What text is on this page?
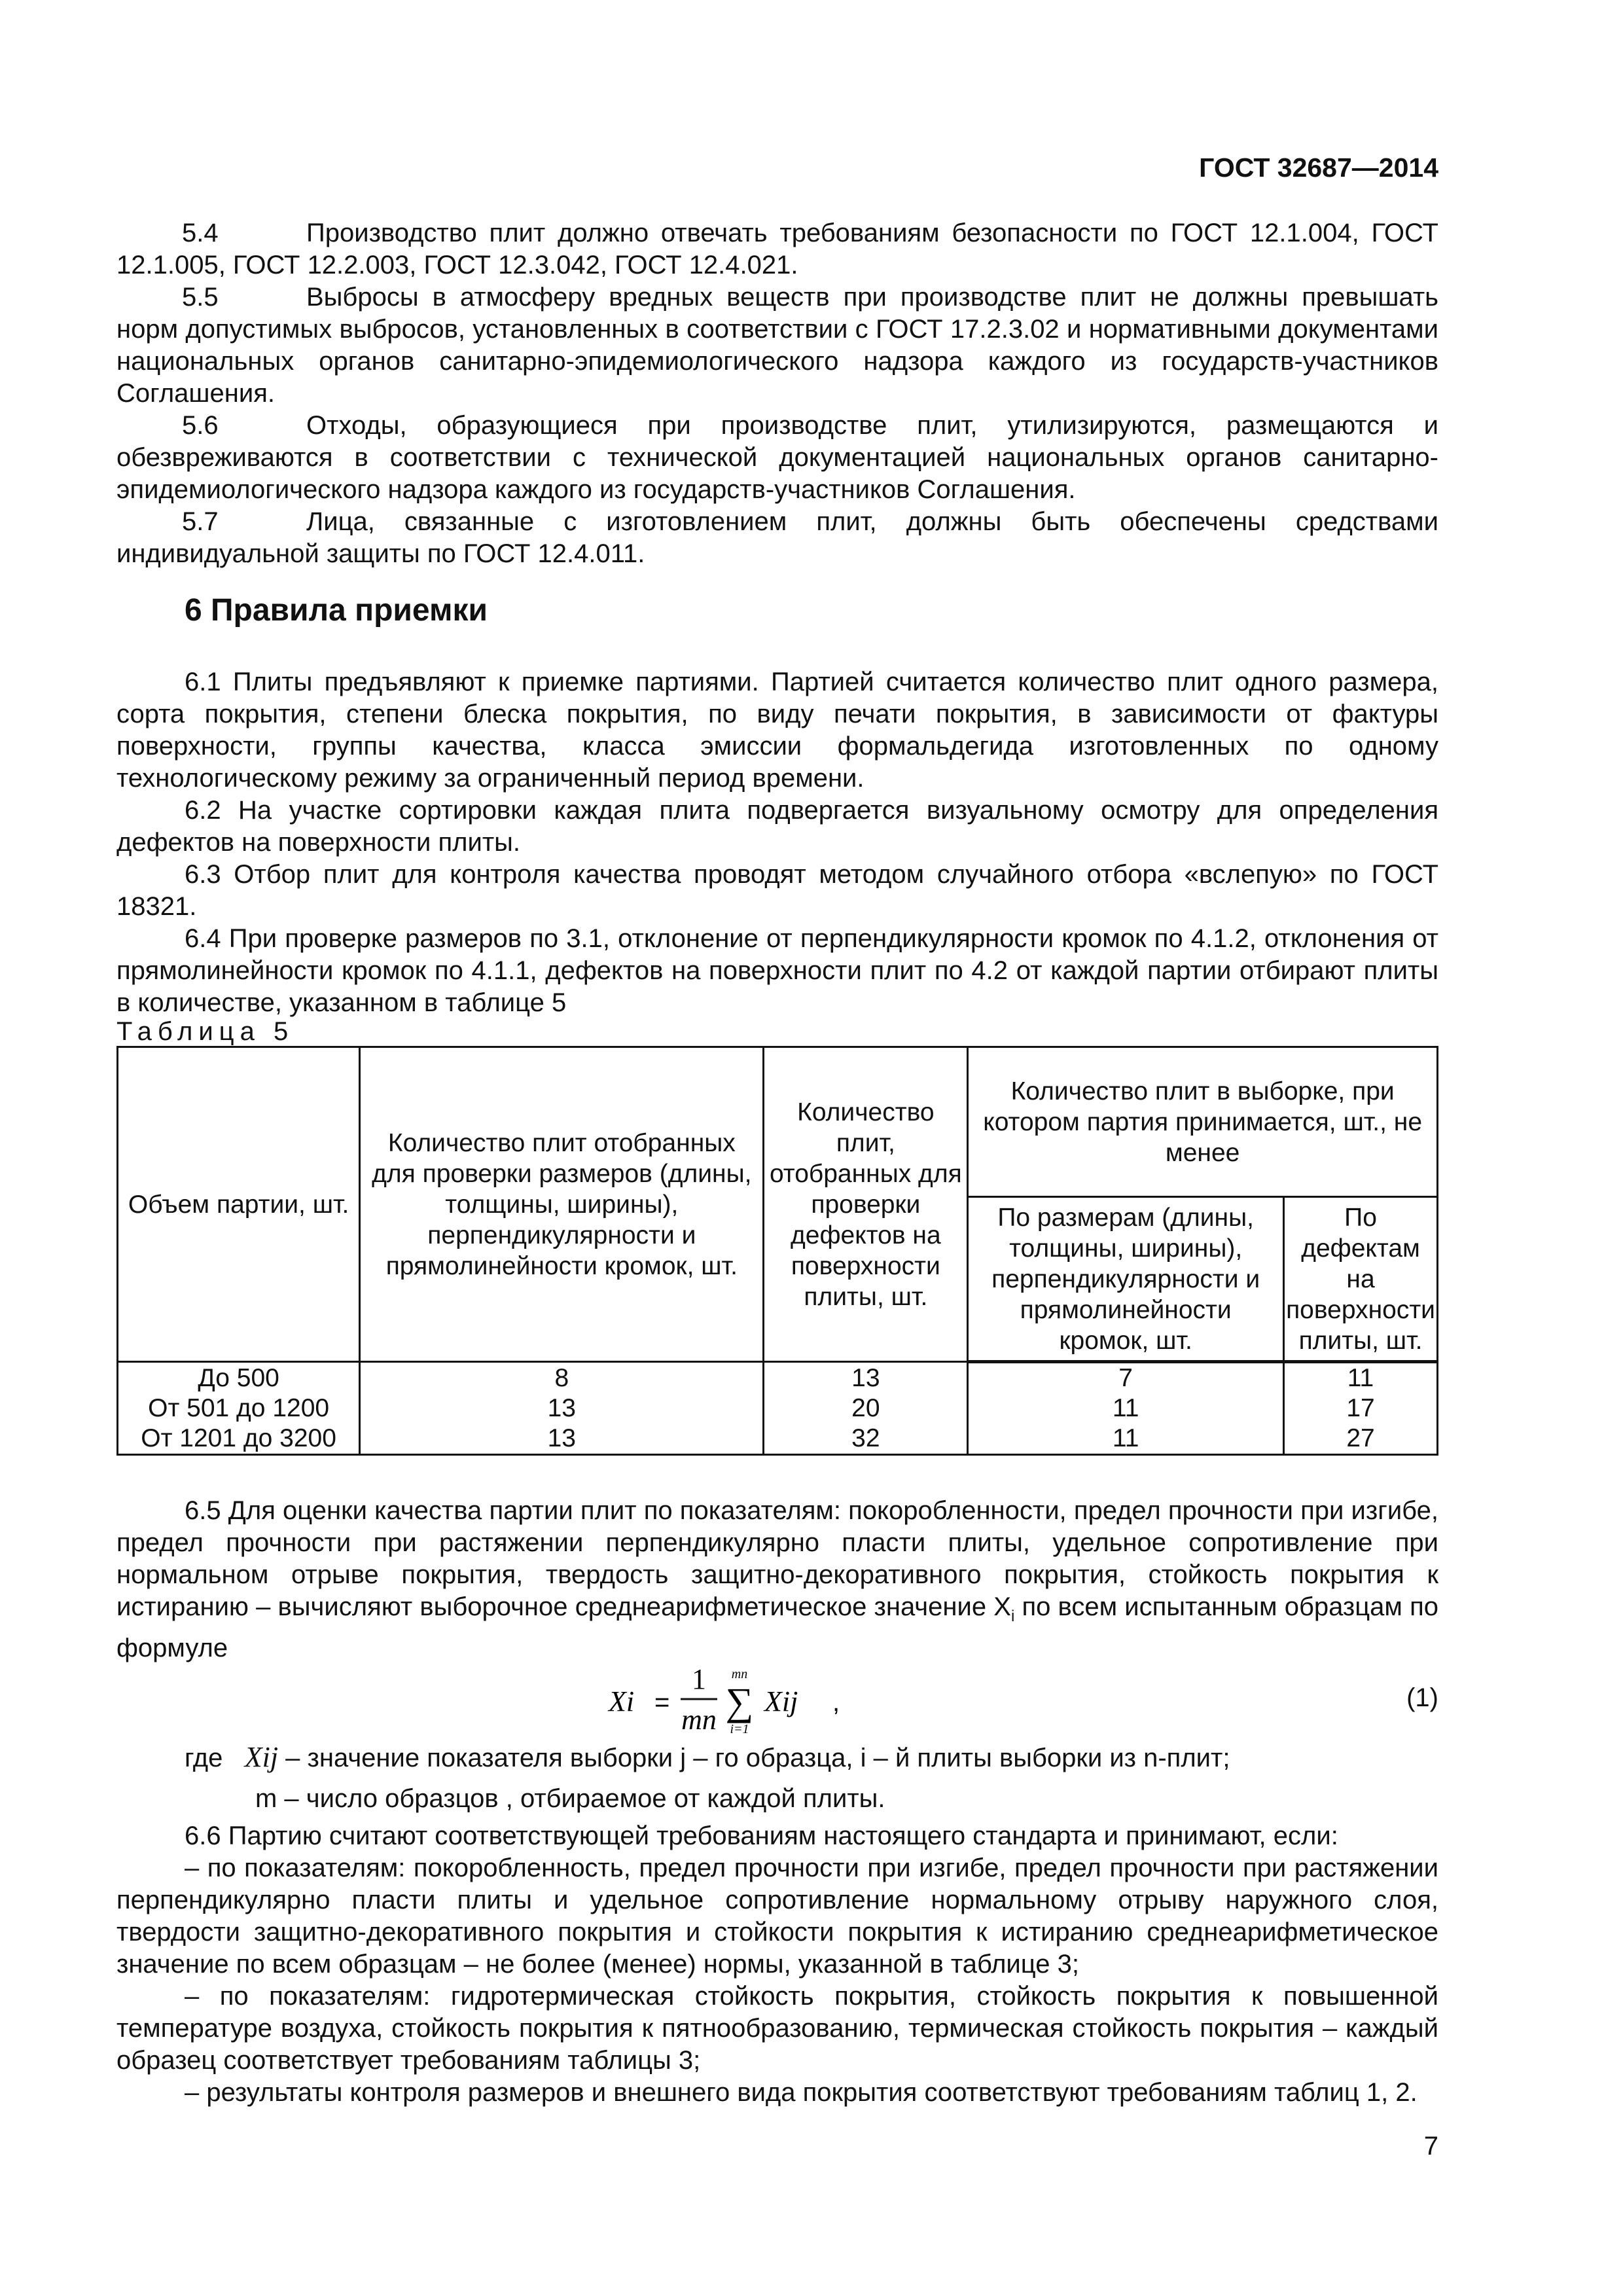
ГОСТ 32687—2014

5.4	Производство плит должно отвечать требованиям безопасности по ГОСТ 12.1.004, ГОСТ 12.1.005, ГОСТ 12.2.003, ГОСТ 12.3.042, ГОСТ 12.4.021.

5.5	Выбросы в атмосферу вредных веществ при производстве плит не должны превышать норм допустимых выбросов, установленных в соответствии с ГОСТ 17.2.3.02 и нормативными документами национальных органов санитарно-эпидемиологического надзора каждого из государств-участников Соглашения.

5.6	Отходы, образующиеся при производстве плит, утилизируются, размещаются и обезвреживаются в соответствии с технической документацией национальных органов санитарно-эпидемиологического надзора каждого из государств-участников Соглашения.

5.7	Лица, связанные с изготовлением плит, должны быть обеспечены средствами индивидуальной защиты по ГОСТ 12.4.011.

6 Правила приемки

6.1 Плиты предъявляют к приемке партиями. Партией считается количество плит одного размера, сорта покрытия, степени блеска покрытия, по виду печати покрытия, в зависимости от фактуры поверхности, группы качества, класса эмиссии формальдегида изготовленных по одному технологическому режиму за ограниченный период времени.

6.2 На участке сортировки каждая плита подвергается визуальному осмотру для определения дефектов на поверхности плиты.

6.3 Отбор плит для контроля качества проводят методом случайного отбора «вслепую» по ГОСТ 18321.

6.4 При проверке размеров по 3.1, отклонение от перпендикулярности кромок по 4.1.2, отклонения от прямолинейности кромок по 4.1.1, дефектов на поверхности плит по 4.2 от каждой партии отбирают плиты в количестве, указанном в таблице 5

Таблица 5
Объем партии, шт.	Количество плит отобранных для проверки размеров (длины, толщины, ширины), перпендикулярности и прямолинейности кромок, шт.	Количество плит, отобранных для проверки дефектов на поверхности плиты, шт.	Количество плит в выборке, при котором партия принимается, шт., не менее	
			По размерам (длины, толщины, ширины), перпендикулярности и прямолинейности кромок, шт.	По дефектам на поверхности плиты, шт.
До 500	8	13	7	11
От 501 до 1200	13	20	11	17
От 1201 до 3200	13	32	11	27

6.5 Для оценки качества партии плит по показателям: покоробленности, предел прочности при изгибе, предел прочности при растяжении перпендикулярно пласти плиты, удельное сопротивление при нормальном отрыве покрытия, твердость защитно-декоративного покрытия, стойкость покрытия к истиранию – вычисляют выборочное среднеарифметическое значение $X_i$ по всем испытанным образцам по формуле

Xi =
1
mn
mn
∑
i=1
Xij ,	(1)
где Xij – значение показателя выборки j – го образца, i – й плиты выборки из n-плит;
m – число образцов , отбираемое от каждой плиты.

6.6 Партию считают соответствующей требованиям настоящего стандарта и принимают, если:

– по показателям: покоробленность, предел прочности при изгибе, предел прочности при растяжении перпендикулярно пласти плиты и удельное сопротивление нормальному отрыву наружного слоя, твердости защитно-декоративного покрытия и стойкости покрытия к истиранию среднеарифметическое значение по всем образцам – не более (менее) нормы, указанной в таблице 3;

– по показателям: гидротермическая стойкость покрытия, стойкость покрытия к повышенной температуре воздуха, стойкость покрытия к пятнообразованию, термическая стойкость покрытия – каждый образец соответствует требованиям таблицы 3;

– результаты контроля размеров и внешнего вида покрытия соответствуют требованиям таблиц 1, 2.

7
